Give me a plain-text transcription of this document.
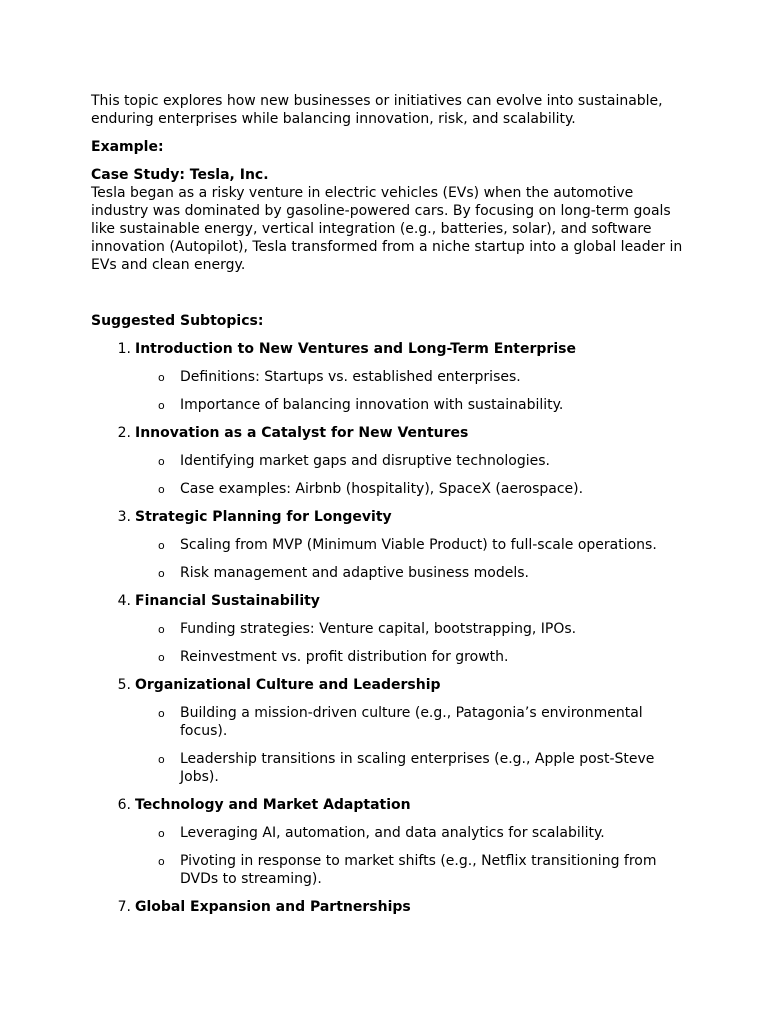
This topic explores how new businesses or initiatives can evolve into sustainable, enduring enterprises while balancing innovation, risk, and scalability.

Example:

Case Study: Tesla, Inc.

Tesla began as a risky venture in electric vehicles (EVs) when the automotive industry was dominated by gasoline-powered cars. By focusing on long-term goals like sustainable energy, vertical integration (e.g., batteries, solar), and software innovation (Autopilot), Tesla transformed from a niche startup into a global leader in EVs and clean energy.

Suggested Subtopics:

1. Introduction to New Ventures and Long-Term Enterprise
o Definitions: Startups vs. established enterprises.
o Importance of balancing innovation with sustainability.
2. Innovation as a Catalyst for New Ventures
o Identifying market gaps and disruptive technologies.
o Case examples: Airbnb (hospitality), SpaceX (aerospace).
3. Strategic Planning for Longevity
o Scaling from MVP (Minimum Viable Product) to full-scale operations.
o Risk management and adaptive business models.
4. Financial Sustainability
o Funding strategies: Venture capital, bootstrapping, IPOs.
o Reinvestment vs. profit distribution for growth.
5. Organizational Culture and Leadership
o Building a mission-driven culture (e.g., Patagonia’s environmental focus).
o Leadership transitions in scaling enterprises (e.g., Apple post-Steve Jobs).
6. Technology and Market Adaptation
o Leveraging AI, automation, and data analytics for scalability.
o Pivoting in response to market shifts (e.g., Netflix transitioning from DVDs to streaming).
7. Global Expansion and Partnerships
